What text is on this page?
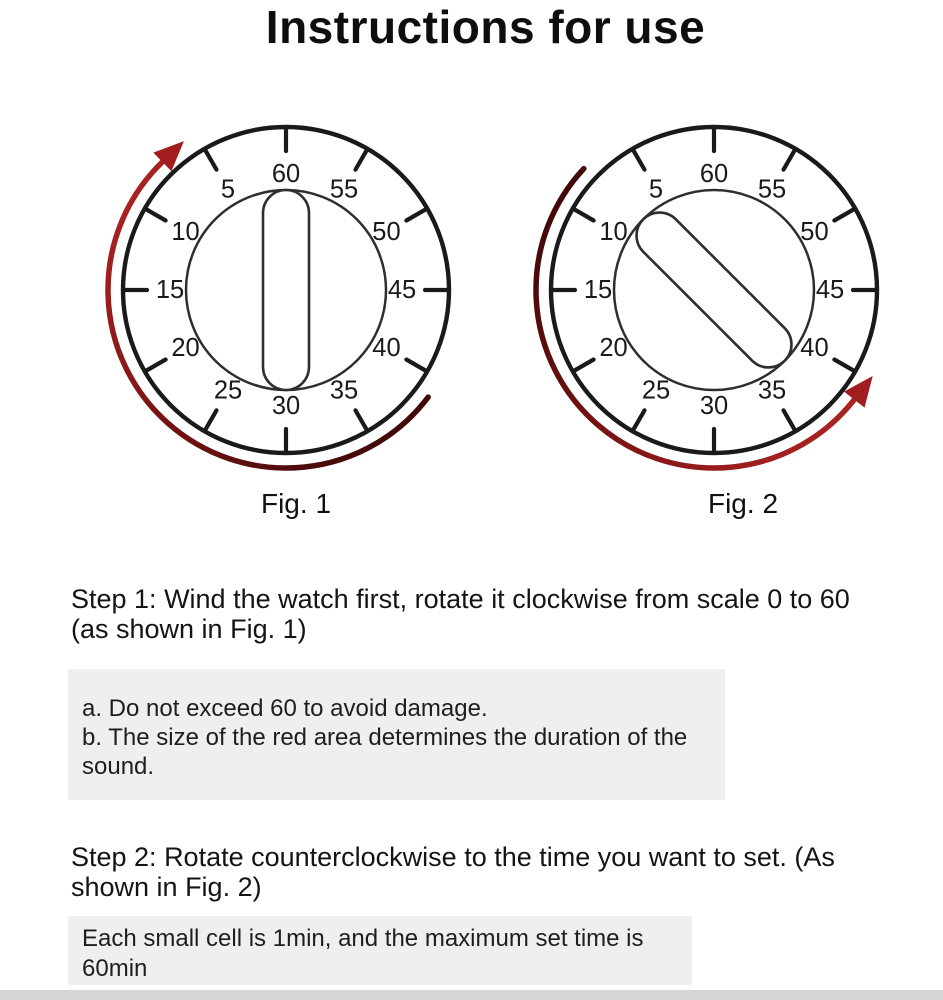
Instructions for use
60
5
10
15
20
25
30
35
40
45
50
55
Fig. 1
60
5
10
15
20
25
30
35
40
45
50
55
Fig. 2
Step 1: Wind the watch first, rotate it clockwise from scale 0 to 60
(as shown in Fig. 1)
a. Do not exceed 60 to avoid damage.
b. The size of the red area determines the duration of the
sound.
Step 2: Rotate counterclockwise to the time you want to set. (As
shown in Fig. 2)
Each small cell is 1min, and the maximum set time is
60min
